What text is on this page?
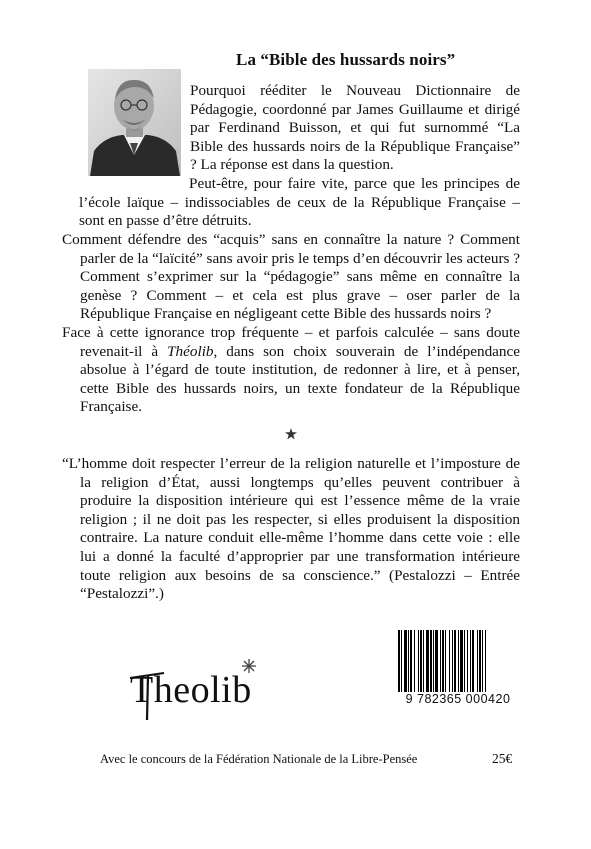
La “Bible des hussards noirs”

Pourquoi rééditer le Nouveau Dictionnaire de Pédagogie, coordonné par James Guillaume et dirigé par Ferdinand Buisson, et qui fut surnommé “La Bible des hussards noirs de la République Française” ? La réponse est dans la question.

Peut-être, pour faire vite, parce que les principes de l’école laïque – indissociables de ceux de la République Française – sont en passe d’être détruits.

Comment défendre des “acquis” sans en connaître la nature ? Comment parler de la “laïcité” sans avoir pris le temps d’en découvrir les acteurs ? Comment s’exprimer sur la “pédagogie” sans même en connaître la genèse ? Comment – et cela est plus grave – oser parler de la République Française en négligeant cette Bible des hussards noirs ?

Face à cette ignorance trop fréquente – et parfois calculée – sans doute revenait-il à Théolib, dans son choix souverain de l’indépendance absolue à l’égard de toute institution, de redonner à lire, et à penser, cette Bible des hussards noirs, un texte fondateur de la République Française.

“L’homme doit respecter l’erreur de la religion naturelle et l’imposture de la religion d’État, aussi longtemps qu’elles peuvent contribuer à produire la disposition intérieure qui est l’essence même de la vraie religion ; il ne doit pas les respecter, si elles produisent la disposition contraire. La nature conduit elle-même l’homme dans cette voie : elle lui a donné la faculté d’approprier par une transformation intérieure toute religion aux besoins de sa conscience.” (Pestalozzi – Entrée “Pestalozzi”.)

Theolib	9 782365 000420
Avec le concours de la Fédération Nationale de la Libre-Pensée	25€
